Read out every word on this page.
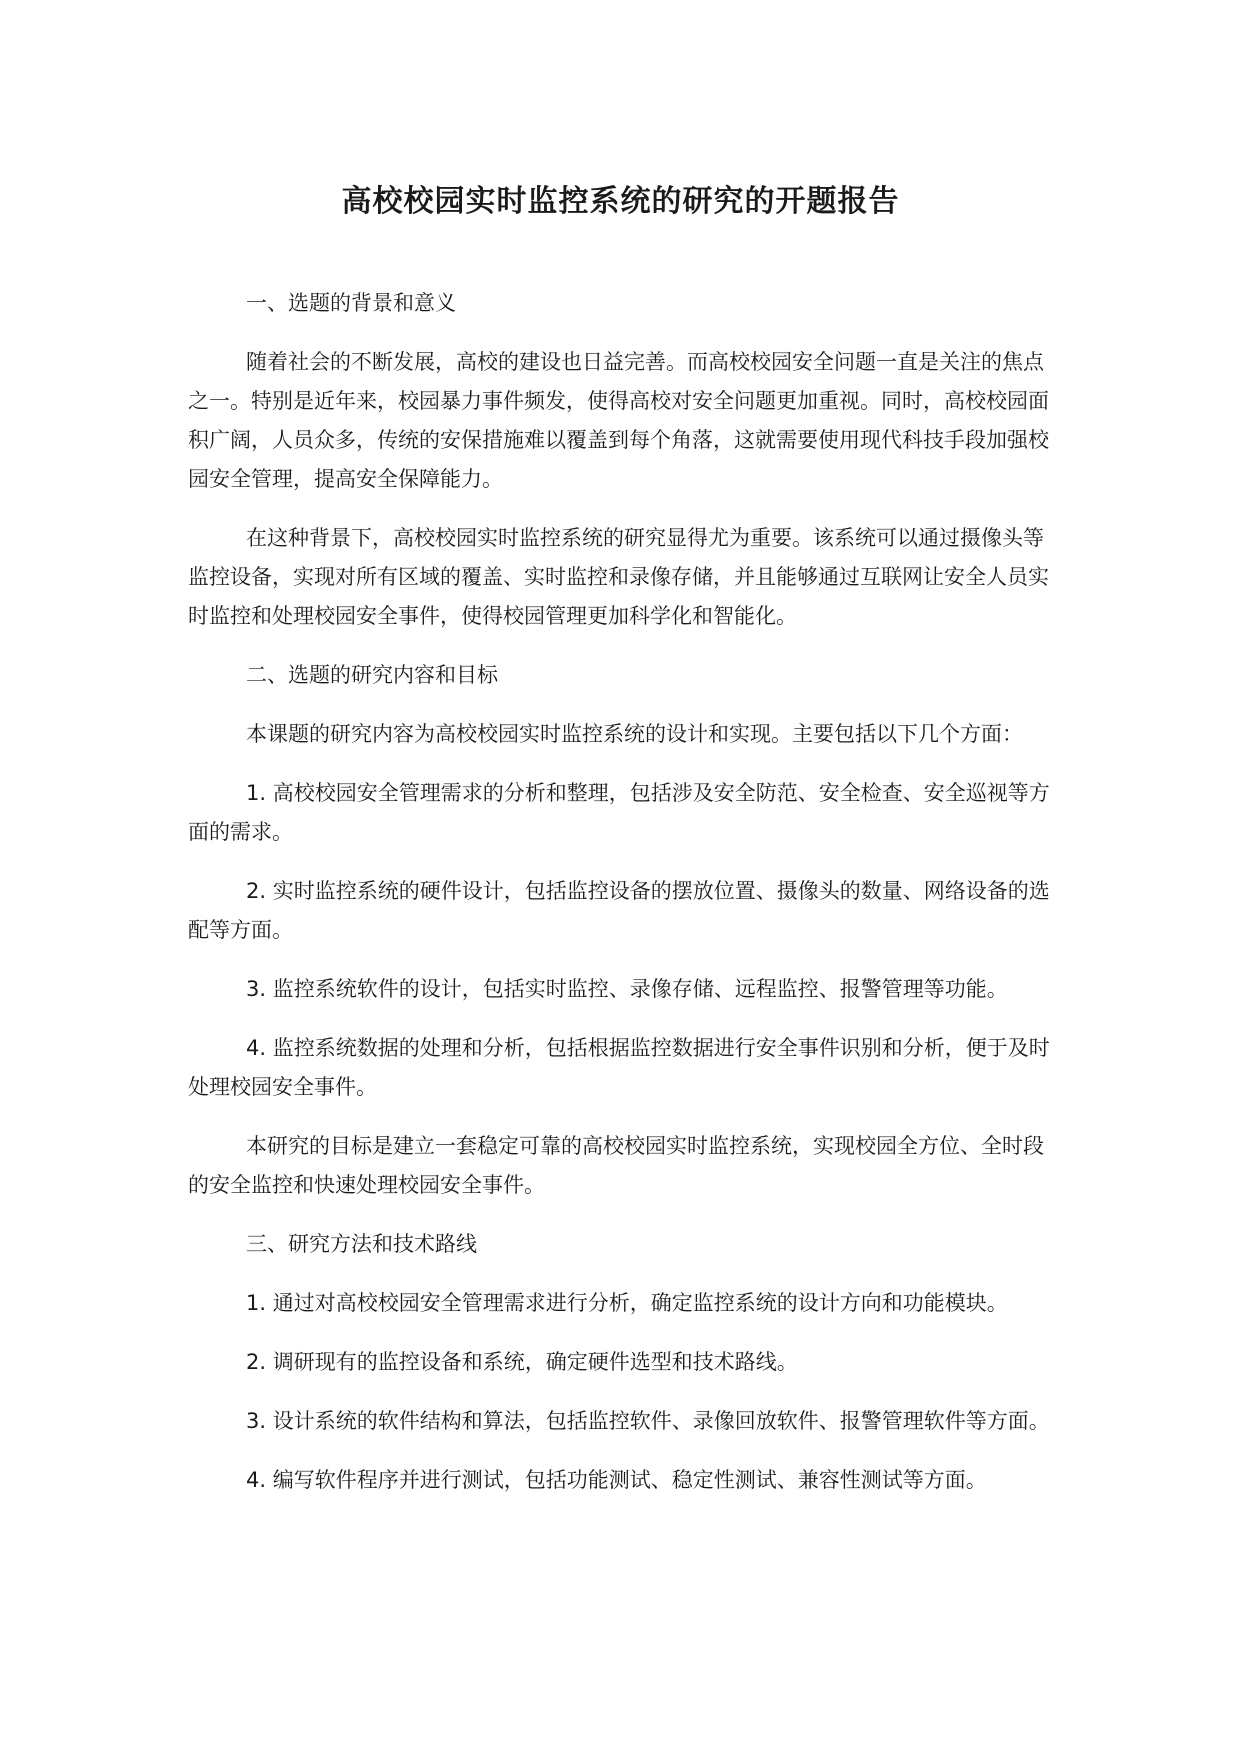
高校校园实时监控系统的研究的开题报告

一、选题的背景和意义

随着社会的不断发展，高校的建设也日益完善。而高校校园安全问题一直是关注的焦点之一。特别是近年来，校园暴力事件频发，使得高校对安全问题更加重视。同时，高校校园面积广阔，人员众多，传统的安保措施难以覆盖到每个角落，这就需要使用现代科技手段加强校园安全管理，提高安全保障能力。

在这种背景下，高校校园实时监控系统的研究显得尤为重要。该系统可以通过摄像头等监控设备，实现对所有区域的覆盖、实时监控和录像存储，并且能够通过互联网让安全人员实时监控和处理校园安全事件，使得校园管理更加科学化和智能化。

二、选题的研究内容和目标

本课题的研究内容为高校校园实时监控系统的设计和实现。主要包括以下几个方面：

1. 高校校园安全管理需求的分析和整理，包括涉及安全防范、安全检查、安全巡视等方面的需求。

2. 实时监控系统的硬件设计，包括监控设备的摆放位置、摄像头的数量、网络设备的选配等方面。

3. 监控系统软件的设计，包括实时监控、录像存储、远程监控、报警管理等功能。

4. 监控系统数据的处理和分析，包括根据监控数据进行安全事件识别和分析，便于及时处理校园安全事件。

本研究的目标是建立一套稳定可靠的高校校园实时监控系统，实现校园全方位、全时段的安全监控和快速处理校园安全事件。

三、研究方法和技术路线

1. 通过对高校校园安全管理需求进行分析，确定监控系统的设计方向和功能模块。

2. 调研现有的监控设备和系统，确定硬件选型和技术路线。

3. 设计系统的软件结构和算法，包括监控软件、录像回放软件、报警管理软件等方面。

4. 编写软件程序并进行测试，包括功能测试、稳定性测试、兼容性测试等方面。
